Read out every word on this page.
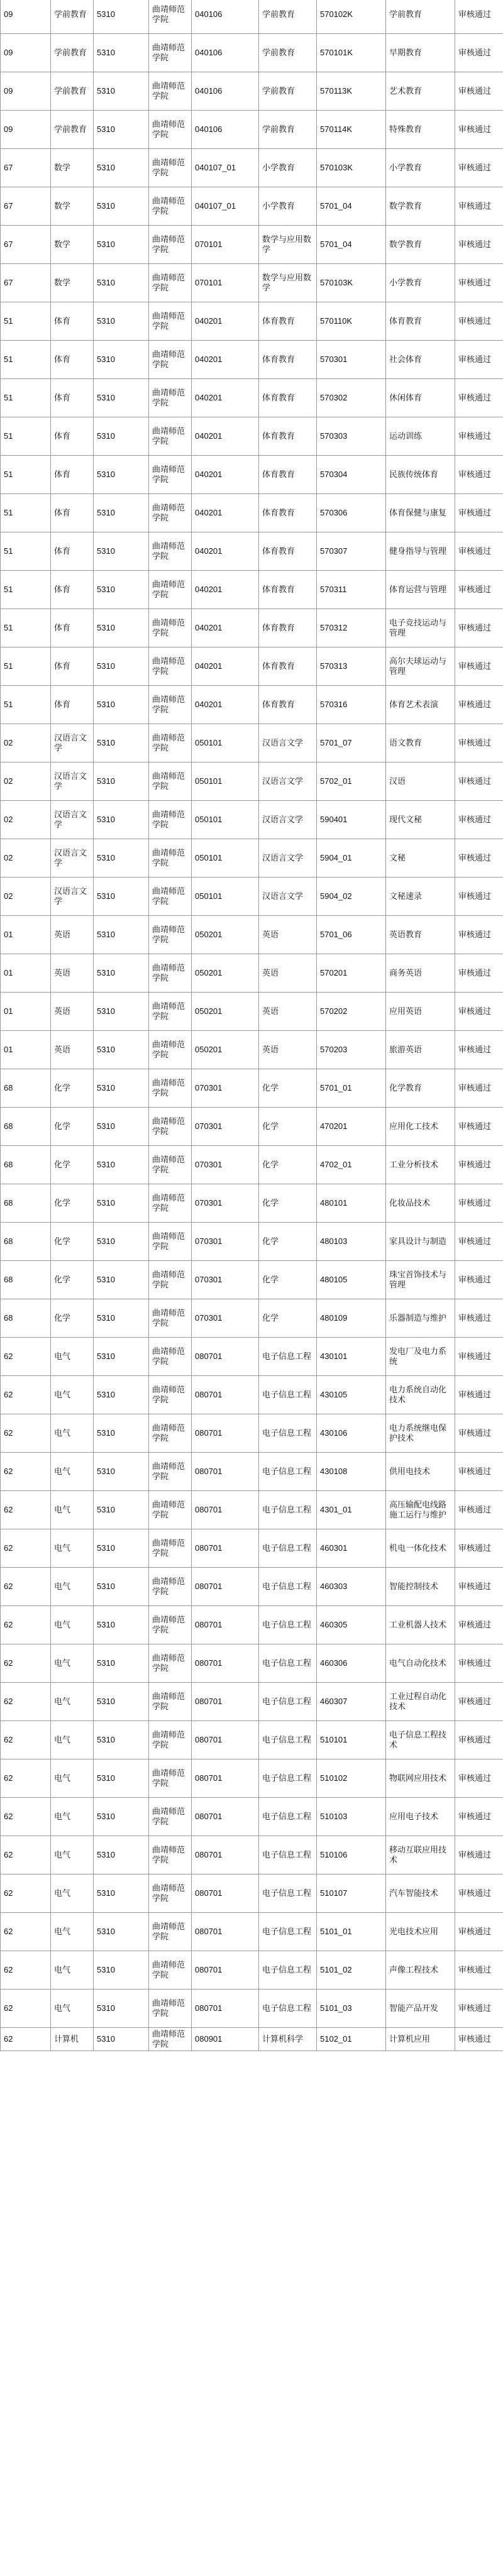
09	学前教育	5310	曲靖师范学院	040106	学前教育	570102K	学前教育	审核通过
09	学前教育	5310	曲靖师范学院	040106	学前教育	570101K	早期教育	审核通过
09	学前教育	5310	曲靖师范学院	040106	学前教育	570113K	艺术教育	审核通过
09	学前教育	5310	曲靖师范学院	040106	学前教育	570114K	特殊教育	审核通过
67	数学	5310	曲靖师范学院	040107_01	小学教育	570103K	小学教育	审核通过
67	数学	5310	曲靖师范学院	040107_01	小学教育	5701_04	数学教育	审核通过
67	数学	5310	曲靖师范学院	070101	数学与应用数学	5701_04	数学教育	审核通过
67	数学	5310	曲靖师范学院	070101	数学与应用数学	570103K	小学教育	审核通过
51	体育	5310	曲靖师范学院	040201	体育教育	570110K	体育教育	审核通过
51	体育	5310	曲靖师范学院	040201	体育教育	570301	社会体育	审核通过
51	体育	5310	曲靖师范学院	040201	体育教育	570302	休闲体育	审核通过
51	体育	5310	曲靖师范学院	040201	体育教育	570303	运动训练	审核通过
51	体育	5310	曲靖师范学院	040201	体育教育	570304	民族传统体育	审核通过
51	体育	5310	曲靖师范学院	040201	体育教育	570306	体育保健与康复	审核通过
51	体育	5310	曲靖师范学院	040201	体育教育	570307	健身指导与管理	审核通过
51	体育	5310	曲靖师范学院	040201	体育教育	570311	体育运营与管理	审核通过
51	体育	5310	曲靖师范学院	040201	体育教育	570312	电子竞技运动与管理	审核通过
51	体育	5310	曲靖师范学院	040201	体育教育	570313	高尔夫球运动与管理	审核通过
51	体育	5310	曲靖师范学院	040201	体育教育	570316	体育艺术表演	审核通过
02	汉语言文学	5310	曲靖师范学院	050101	汉语言文学	5701_07	语文教育	审核通过
02	汉语言文学	5310	曲靖师范学院	050101	汉语言文学	5702_01	汉语	审核通过
02	汉语言文学	5310	曲靖师范学院	050101	汉语言文学	590401	现代文秘	审核通过
02	汉语言文学	5310	曲靖师范学院	050101	汉语言文学	5904_01	文秘	审核通过
02	汉语言文学	5310	曲靖师范学院	050101	汉语言文学	5904_02	文秘速录	审核通过
01	英语	5310	曲靖师范学院	050201	英语	5701_06	英语教育	审核通过
01	英语	5310	曲靖师范学院	050201	英语	570201	商务英语	审核通过
01	英语	5310	曲靖师范学院	050201	英语	570202	应用英语	审核通过
01	英语	5310	曲靖师范学院	050201	英语	570203	旅游英语	审核通过
68	化学	5310	曲靖师范学院	070301	化学	5701_01	化学教育	审核通过
68	化学	5310	曲靖师范学院	070301	化学	470201	应用化工技术	审核通过
68	化学	5310	曲靖师范学院	070301	化学	4702_01	工业分析技术	审核通过
68	化学	5310	曲靖师范学院	070301	化学	480101	化妆品技术	审核通过
68	化学	5310	曲靖师范学院	070301	化学	480103	家具设计与制造	审核通过
68	化学	5310	曲靖师范学院	070301	化学	480105	珠宝首饰技术与管理	审核通过
68	化学	5310	曲靖师范学院	070301	化学	480109	乐器制造与维护	审核通过
62	电气	5310	曲靖师范学院	080701	电子信息工程	430101	发电厂及电力系统	审核通过
62	电气	5310	曲靖师范学院	080701	电子信息工程	430105	电力系统自动化技术	审核通过
62	电气	5310	曲靖师范学院	080701	电子信息工程	430106	电力系统继电保护技术	审核通过
62	电气	5310	曲靖师范学院	080701	电子信息工程	430108	供用电技术	审核通过
62	电气	5310	曲靖师范学院	080701	电子信息工程	4301_01	高压输配电线路施工运行与维护	审核通过
62	电气	5310	曲靖师范学院	080701	电子信息工程	460301	机电一体化技术	审核通过
62	电气	5310	曲靖师范学院	080701	电子信息工程	460303	智能控制技术	审核通过
62	电气	5310	曲靖师范学院	080701	电子信息工程	460305	工业机器人技术	审核通过
62	电气	5310	曲靖师范学院	080701	电子信息工程	460306	电气自动化技术	审核通过
62	电气	5310	曲靖师范学院	080701	电子信息工程	460307	工业过程自动化技术	审核通过
62	电气	5310	曲靖师范学院	080701	电子信息工程	510101	电子信息工程技术	审核通过
62	电气	5310	曲靖师范学院	080701	电子信息工程	510102	物联网应用技术	审核通过
62	电气	5310	曲靖师范学院	080701	电子信息工程	510103	应用电子技术	审核通过
62	电气	5310	曲靖师范学院	080701	电子信息工程	510106	移动互联应用技术	审核通过
62	电气	5310	曲靖师范学院	080701	电子信息工程	510107	汽车智能技术	审核通过
62	电气	5310	曲靖师范学院	080701	电子信息工程	5101_01	光电技术应用	审核通过
62	电气	5310	曲靖师范学院	080701	电子信息工程	5101_02	声像工程技术	审核通过
62	电气	5310	曲靖师范学院	080701	电子信息工程	5101_03	智能产品开发	审核通过
62	计算机	5310	曲靖师范学院	080901	计算机科学	5102_01	计算机应用	审核通过
